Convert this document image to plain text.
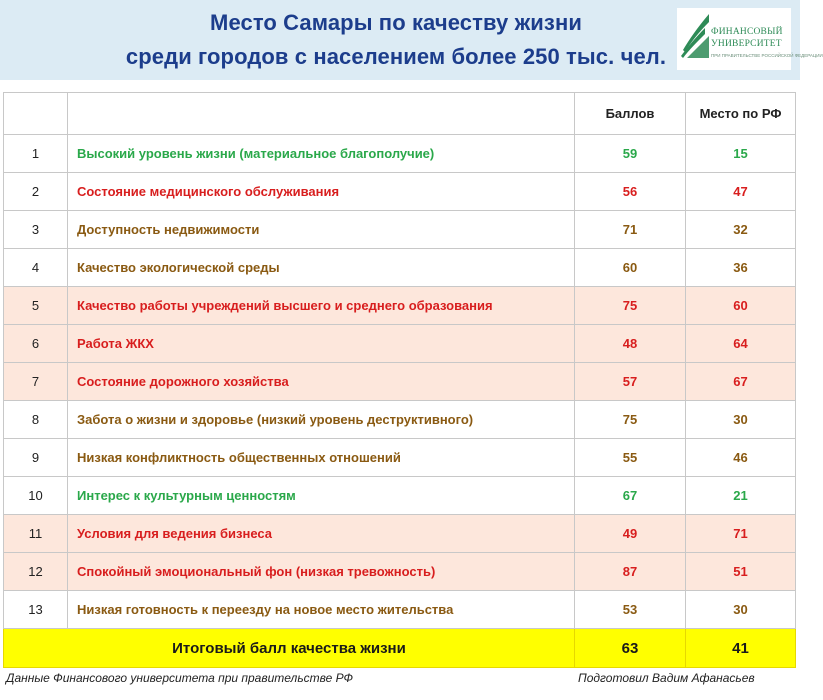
Место Самары по качеству жизни
среди городов с населением более 250 тыс. чел.
ФИНАНСОВЫЙ
УНИВЕРСИТЕТ
ПРИ ПРАВИТЕЛЬСТВЕ РОССИЙСКОЙ ФЕДЕРАЦИИ
		Баллов	Место по РФ
1	Высокий уровень жизни (материальное благополучие)	59	15
2	Состояние медицинского обслуживания	56	47
3	Доступность недвижимости	71	32
4	Качество экологической среды	60	36
5	Качество работы учреждений высшего и среднего образования	75	60
6	Работа ЖКХ	48	64
7	Состояние дорожного хозяйства	57	67
8	Забота о жизни и здоровье (низкий уровень деструктивного)	75	30
9	Низкая конфликтность общественных отношений	55	46
10	Интерес к культурным ценностям	67	21
11	Условия для ведения бизнеса	49	71
12	Спокойный эмоциональный фон (низкая тревожность)	87	51
13	Низкая готовность к переезду на новое место жительства	53	30
Итоговый балл качества жизни		63	41
Данные Финансового университета при правительстве РФ	Подготовил Вадим Афанасьев
